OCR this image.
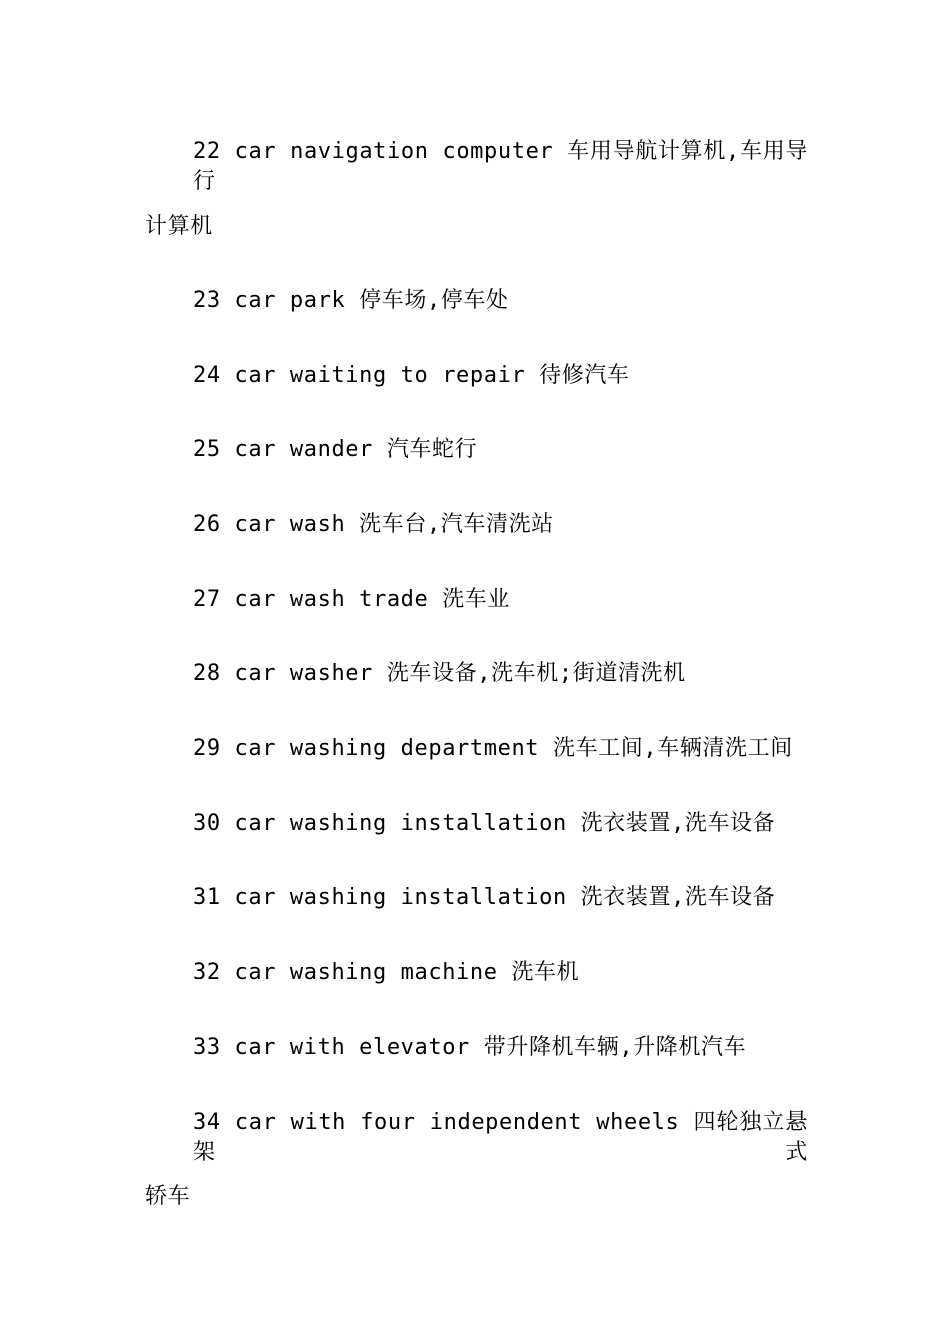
22 car navigation computer 车用导航计算机,车用导行
计算机
23 car park 停车场,停车处
24 car waiting to repair 待修汽车
25 car wander 汽车蛇行
26 car wash 洗车台,汽车清洗站
27 car wash trade 洗车业
28 car washer 洗车设备,洗车机;街道清洗机
29 car washing department 洗车工间,车辆清洗工间
30 car washing installation 洗衣装置,洗车设备
31 car washing installation 洗衣装置,洗车设备
32 car washing machine 洗车机
33 car with elevator 带升降机车辆,升降机汽车
34 car with four independent wheels 四轮独立悬架式
轿车
